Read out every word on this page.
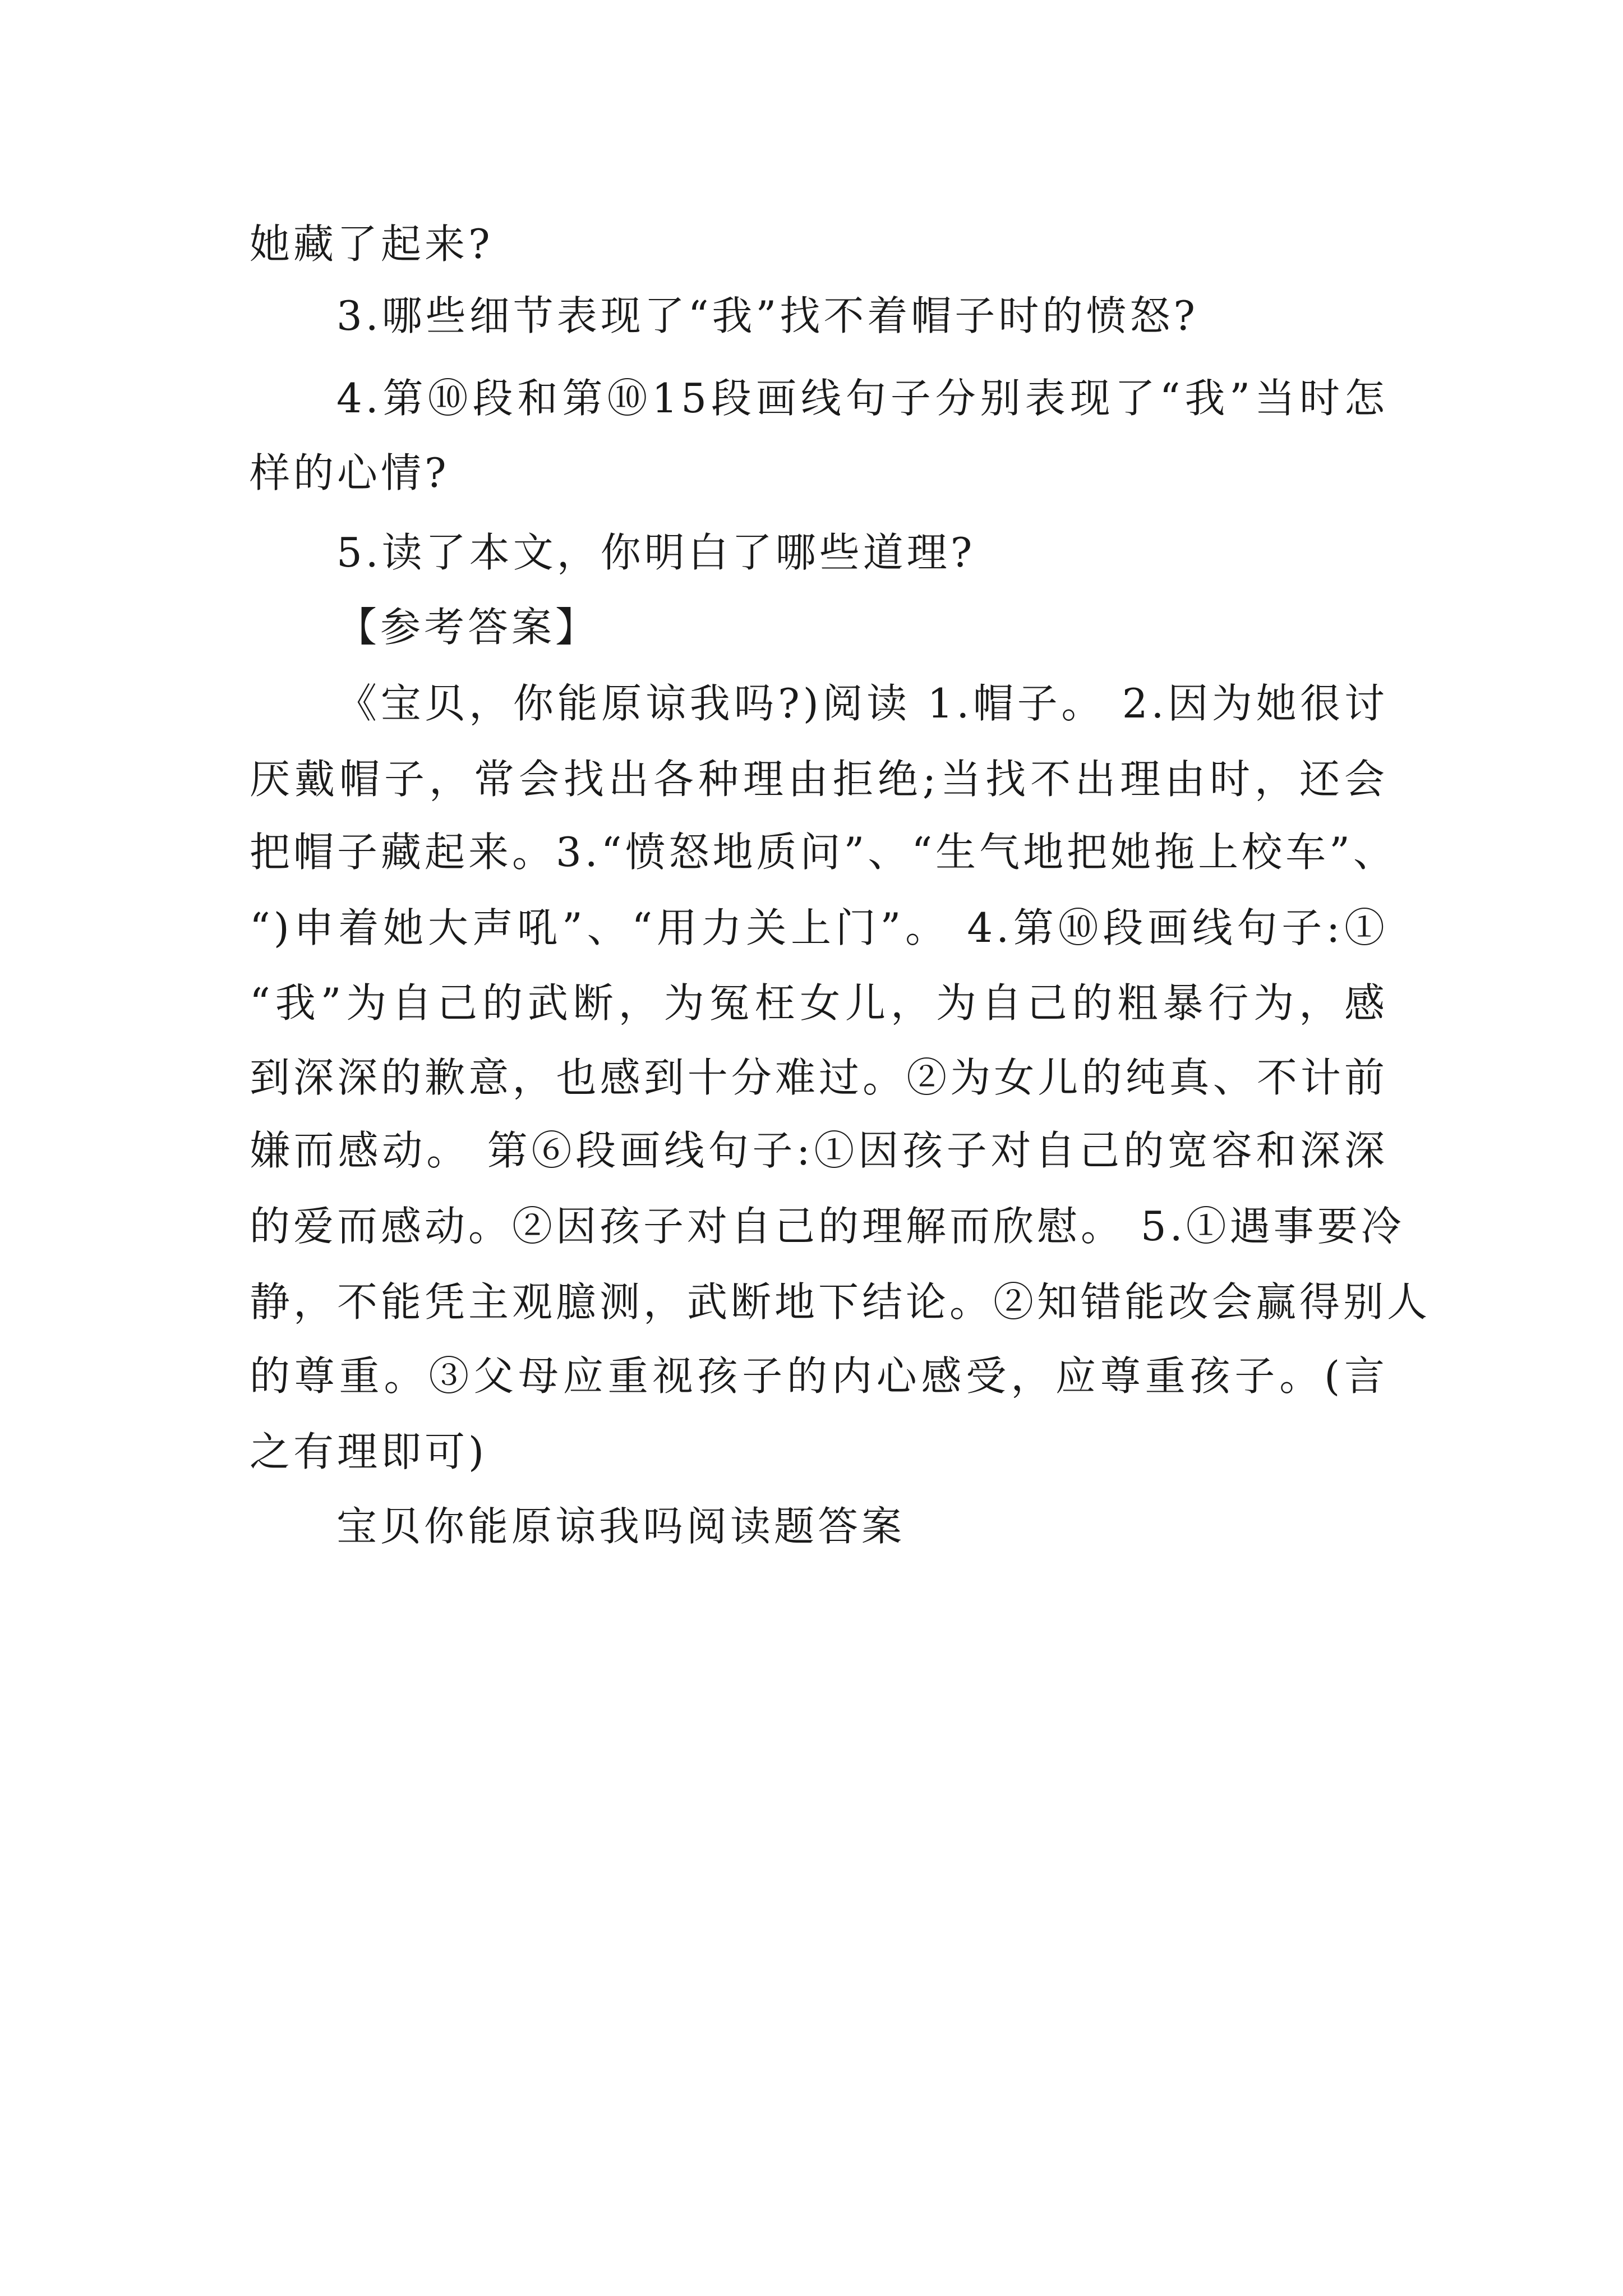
她藏了起来?
3.哪些细节表现了“我”找不着帽子时的愤怒?
4.第⑩段和第⑩15段画线句子分别表现了“我”当时怎
样的心情?
5.读了本文，你明白了哪些道理?
【参考答案】
《宝贝，你能原谅我吗?)阅读 1.帽子。 2.因为她很讨
厌戴帽子，常会找出各种理由拒绝;当找不出理由时，还会
把帽子藏起来。3.“愤怒地质问”、“生气地把她拖上校车”、
“)申着她大声吼”、“用力关上门”。 4.第⑩段画线句子:①
“我”为自己的武断，为冤枉女儿，为自己的粗暴行为，感
到深深的歉意，也感到十分难过。②为女儿的纯真、不计前
嫌而感动。 第⑥段画线句子:①因孩子对自己的宽容和深深
的爱而感动。②因孩子对自己的理解而欣慰。 5.①遇事要冷
静，不能凭主观臆测，武断地下结论。②知错能改会赢得别人
的尊重。③父母应重视孩子的内心感受，应尊重孩子。(言
之有理即可)
宝贝你能原谅我吗阅读题答案
